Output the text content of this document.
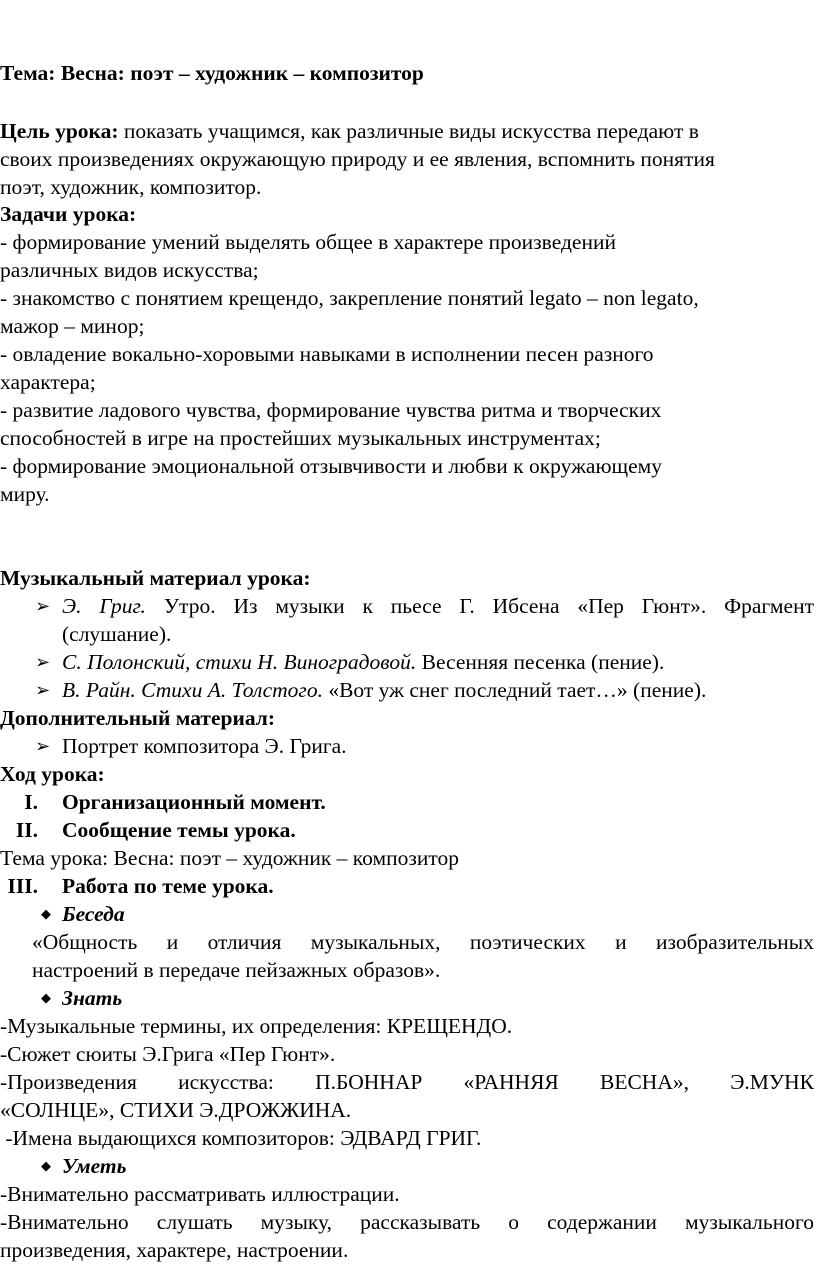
Тема: Весна: поэт – художник – композитор
Цель урока: показать учащимся, как различные виды искусства передают в
своих произведениях окружающую природу и ее явления, вспомнить понятия
поэт, художник, композитор.
Задачи урока:
- формирование умений выделять общее в характере произведений
различных видов искусства;
- знакомство с понятием крещендо, закрепление понятий legato – non legato,
мажор – минор;
- овладение вокально-хоровыми навыками в исполнении песен разного
характера;
- развитие ладового чувства, формирование чувства ритма и творческих
способностей в игре на простейших музыкальных инструментах;
- формирование эмоциональной отзывчивости и любви к окружающему
миру.
Музыкальный материал урока:
➢ Э. Григ. Утро. Из музыки к пьесе Г. Ибсена «Пер Гюнт». Фрагмент
(слушание).
➢ С. Полонский, стихи Н. Виноградовой. Весенняя песенка (пение).
➢ В. Райн. Стихи А. Толстого. «Вот уж снег последний тает…» (пение).
Дополнительный материал:
➢ Портрет композитора Э. Грига.
Ход урока:
I. Организационный момент.
II. Сообщение темы урока.
Тема урока: Весна: поэт – художник – композитор
III. Работа по теме урока.
◆ Беседа
«Общность и отличия музыкальных, поэтических и изобразительных
настроений в передаче пейзажных образов».
◆ Знать
-Музыкальные термины, их определения: КРЕЩЕНДО.
-Сюжет сюиты Э.Грига «Пер Гюнт».
-Произведения искусства: П.БОННАР «РАННЯЯ ВЕСНА», Э.МУНК
«СОЛНЦЕ», СТИХИ Э.ДРОЖЖИНА.
-Имена выдающихся композиторов: ЭДВАРД ГРИГ.
◆ Уметь
-Внимательно рассматривать иллюстрации.
-Внимательно слушать музыку, рассказывать о содержании музыкального
произведения, характере, настроении.
